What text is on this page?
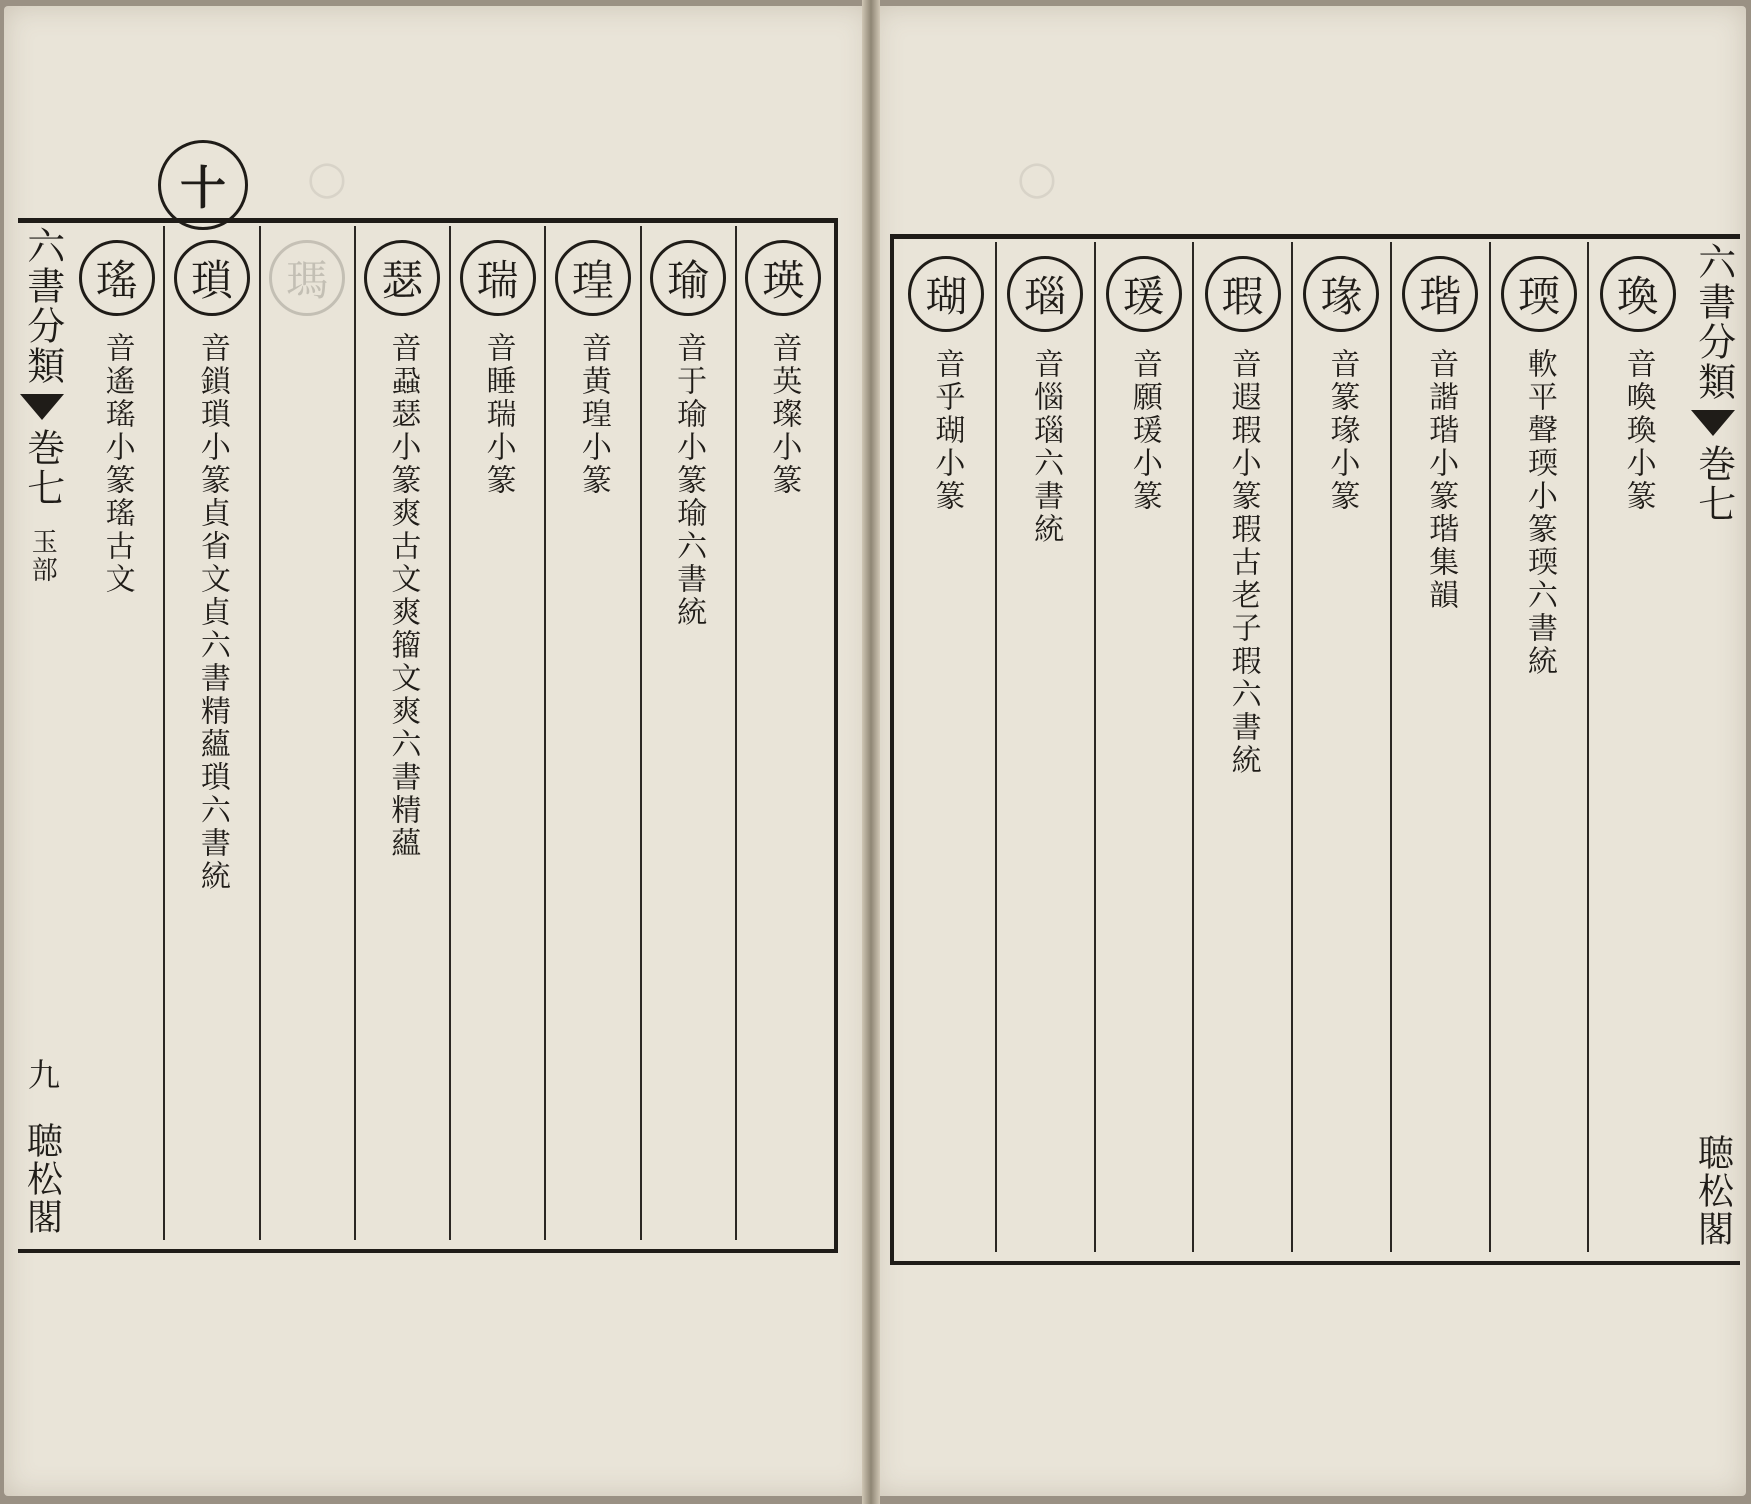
十
六書分類
巻七
玉部
九
聴松閣
瑛
音英璨小篆
瑜
音于瑜小篆瑜六書統
瑝
音黄瑝小篆
瑞
音睡瑞小篆
瑟
音蝨瑟小篆爽古文爽籀文爽六書精蘊
瑪
瑣
音鎖瑣小篆貞省文貞六書精蘊瑣六書統
瑤
音遙瑤小篆瑤古文
六書分類
巻七
聴松閣
瑍
音喚瑍小篆
瑌
軟平聲瑌小篆瑌六書統
瑎
音諧瑎小篆瑎集韻
瑑
音篆瑑小篆
瑕
音遐瑕小篆瑕古老子瑕六書統
瑗
音願瑗小篆
瑙
音惱瑙六書統
瑚
音乎瑚小篆
